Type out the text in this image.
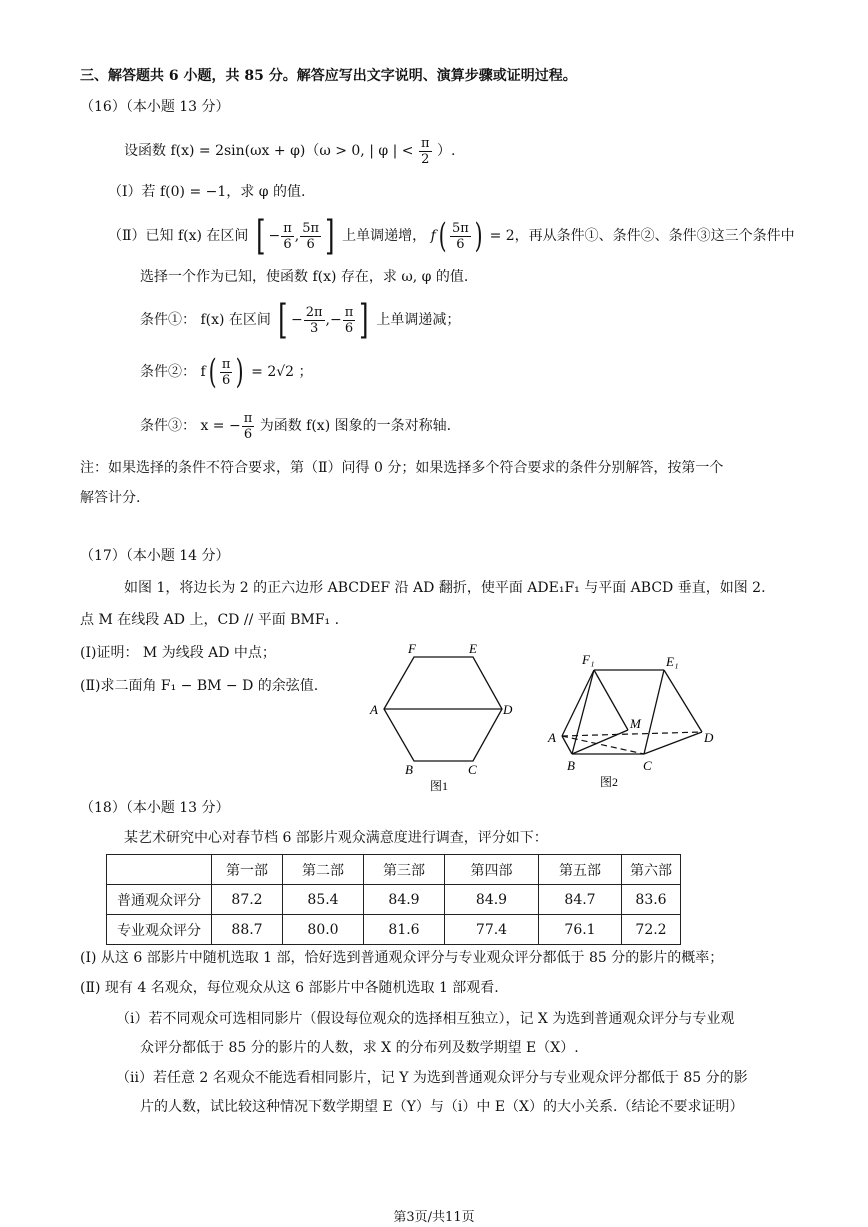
三、解答题共 6 小题，共 85 分。解答应写出文字说明、演算步骤或证明过程。
（16）（本小题 13 分）
设函数 f(x) = 2sin(ωx + φ)（ω > 0, | φ | < $\frac{\pi}{2}$ ）.
（Ⅰ）若 f(0) = −1，求 φ 的值.
（Ⅱ）已知 f(x) 在区间 [ − $\frac{\pi}{6}$ , $\frac{5\pi}{6}$ ] 上单调递增， $f( \frac{5\pi}{6}$ ) = 2，再从条件①、条件②、条件③这三个条件中
选择一个作为已知，使函数 f(x) 存在，求 ω, φ 的值.
条件①： f(x) 在区间 [ − $\frac{2\pi}{3}$ ,− $\frac{\pi}{6}$ ] 上单调递减；
条件②： $f( \frac{\pi}{6}$ ) = 2√2 ；
条件③： x = − $\frac{\pi}{6}$ 为函数 f(x) 图象的一条对称轴.
注：如果选择的条件不符合要求，第（Ⅱ）问得 0 分；如果选择多个符合要求的条件分别解答，按第一个
解答计分.
（17）（本小题 14 分）
如图 1，将边长为 2 的正六边形 ABCDEF 沿 AD 翻折，使平面 ADE₁F₁ 与平面 ABCD 垂直，如图 2.
点 M 在线段 AD 上，CD // 平面 BMF₁ .
(Ⅰ)证明： M 为线段 AD 中点；
(Ⅱ)求二面角 F₁ − BM − D 的余弦值.
F	E
A	D
B	C
图1
F₁	E₁
A	D
M
B	C
图2
（18）（本小题 13 分）
某艺术研究中心对春节档 6 部影片观众满意度进行调查，评分如下：
	第一部	第二部	第三部	第四部	第五部	第六部
普通观众评分	87.2	85.4	84.9	84.9	84.7	83.6
专业观众评分	88.7	80.0	81.6	77.4	76.1	72.2
(Ⅰ) 从这 6 部影片中随机选取 1 部，恰好选到普通观众评分与专业观众评分都低于 85 分的影片的概率；
(Ⅱ) 现有 4 名观众，每位观众从这 6 部影片中各随机选取 1 部观看.
（i）若不同观众可选相同影片（假设每位观众的选择相互独立），记 X 为选到普通观众评分与专业观
众评分都低于 85 分的影片的人数，求 X 的分布列及数学期望 E（X）.
（ii）若任意 2 名观众不能选看相同影片，记 Y 为选到普通观众评分与专业观众评分都低于 85 分的影
片的人数，试比较这种情况下数学期望 E（Y）与（i）中 E（X）的大小关系.（结论不要求证明）
第3页/共11页
